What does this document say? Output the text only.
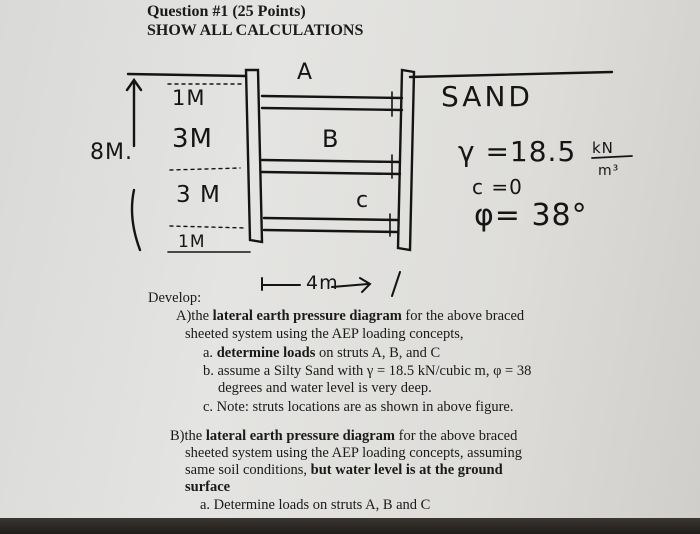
Question #1 (25 Points)
SHOW ALL CALCULATIONS
A
B
c
8M.
1M
3M
3 M
1M
SAND
γ =18.5 kN
m³
c =0
φ= 38°
4m
Develop:
A)the lateral earth pressure diagram for the above braced
sheeted system using the AEP loading concepts,
a. determine loads on struts A, B, and C
b. assume a Silty Sand with γ = 18.5 kN/cubic m, φ = 38
degrees and water level is very deep.
c. Note: struts locations are as shown in above figure.
B)the lateral earth pressure diagram for the above braced
sheeted system using the AEP loading concepts, assuming
same soil conditions, but water level is at the ground
surface
a. Determine loads on struts A, B and C
